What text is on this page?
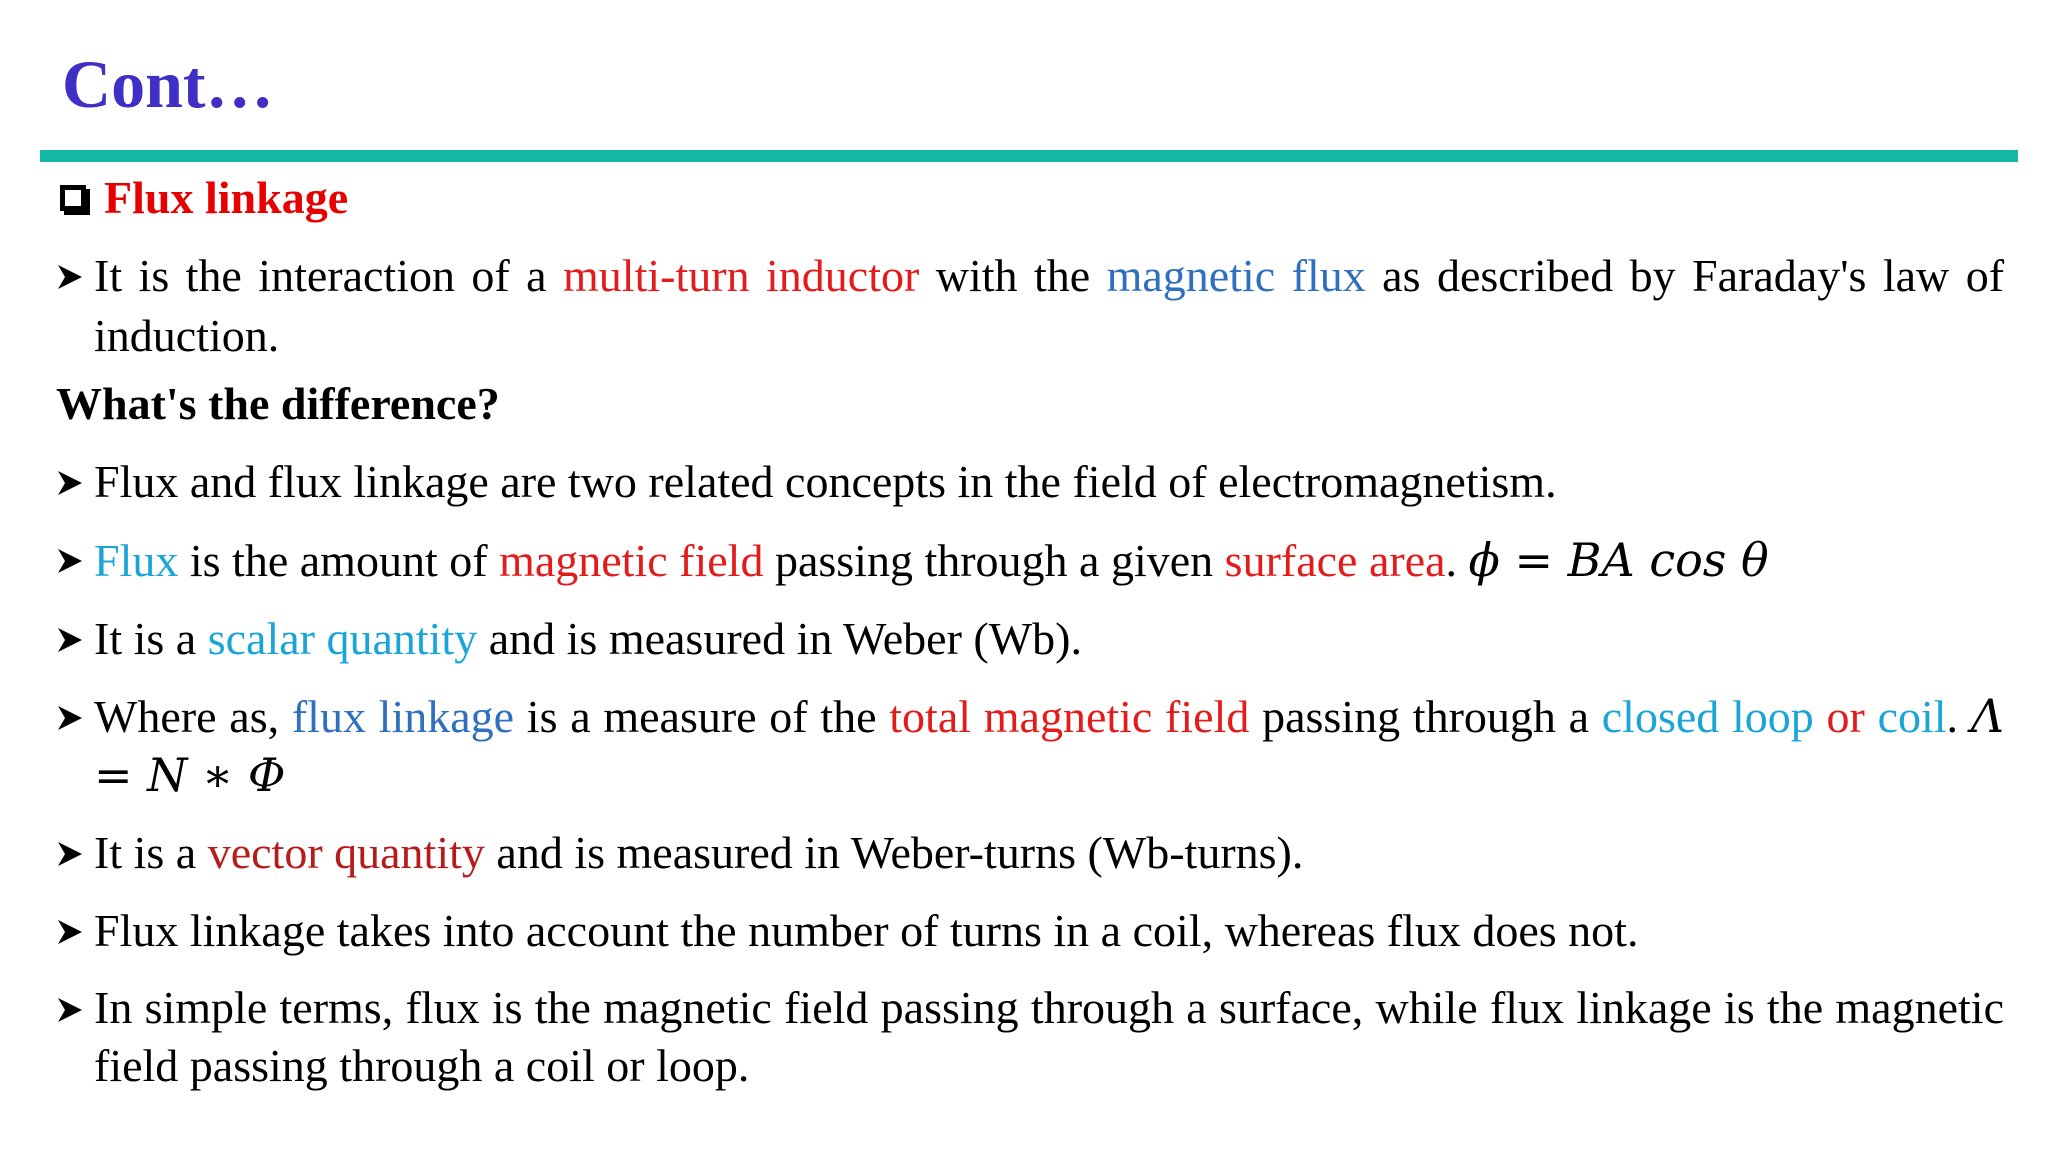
Cont…
Flux linkage
It is the interaction of a multi-turn inductor with the magnetic flux as described by Faraday's law of induction.
What's the difference?
Flux and flux linkage are two related concepts in the field of electromagnetism.
Flux is the amount of magnetic field passing through a given surface area. ϕ = BA cos θ
It is a scalar quantity and is measured in Weber (Wb).
Where as, flux linkage is a measure of the total magnetic field passing through a closed loop or coil. Λ = N ∗ Φ
It is a vector quantity and is measured in Weber-turns (Wb-turns).
Flux linkage takes into account the number of turns in a coil, whereas flux does not.
In simple terms, flux is the magnetic field passing through a surface, while flux linkage is the magnetic field passing through a coil or loop.
